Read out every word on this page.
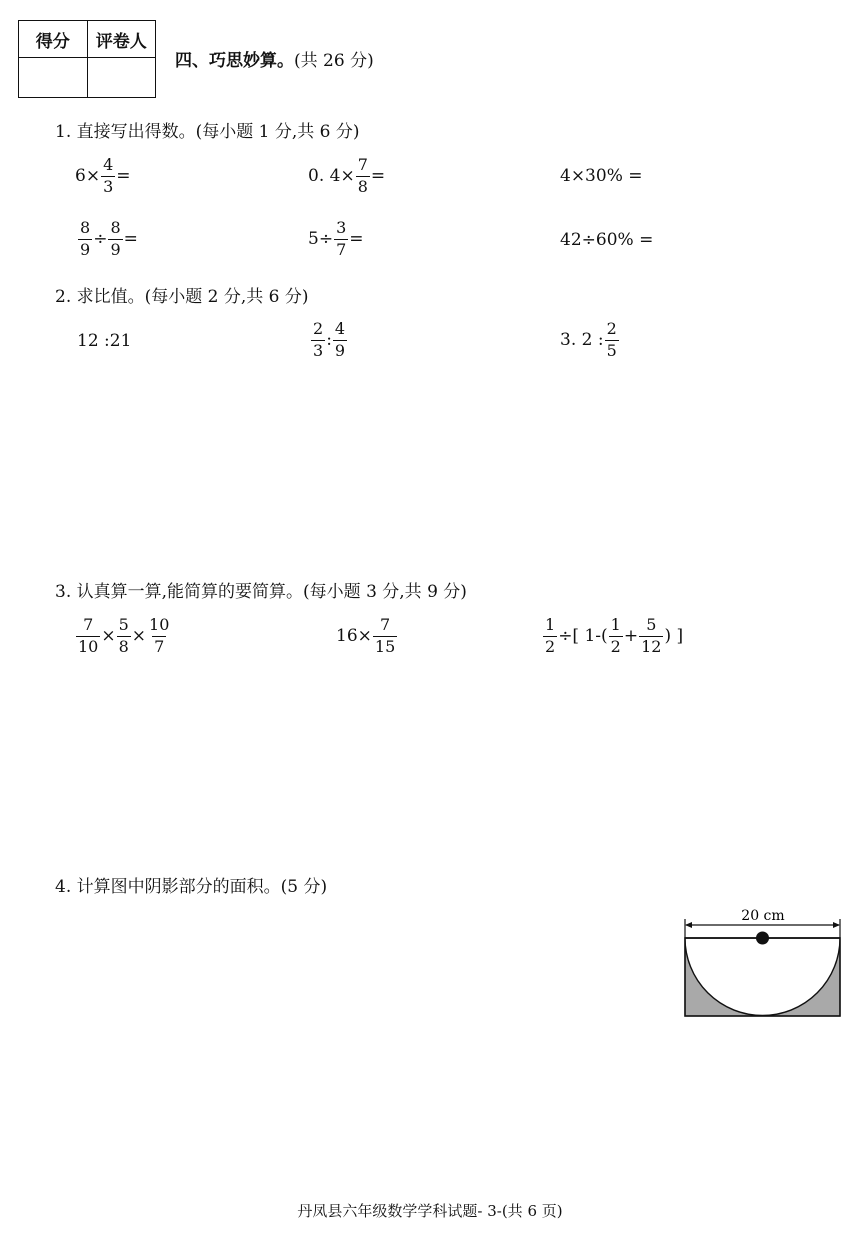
得分	评卷人

四、巧思妙算。(共 26 分)
1. 直接写出得数。(每小题 1 分,共 6 分)
$6\times \frac{4}{3}$ =	0. $4\times \frac{7}{8}$ =	4×30% =
$\frac{8}{9} \div \frac{8}{9}$ =	$5\div \frac{3}{7}$ =	42÷60% =
2. 求比值。(每小题 2 分,共 6 分)
12 :21	$\frac{2}{3}$ : $\frac{4}{9}$	3. 2 : $\frac{2}{5}$
3. 认真算一算,能简算的要简算。(每小题 3 分,共 9 分)
$\frac{7}{10} \times \frac{5}{8} \times \frac{10}{7}$	$16\times \frac{7}{15}$	$\frac{1}{2}$ ÷[ $1-( \frac{1}{2} + \frac{5}{12}$ ) ]
4. 计算图中阴影部分的面积。(5 分)
20 cm
丹凤县六年级数学学科试题- 3-(共 6 页)
